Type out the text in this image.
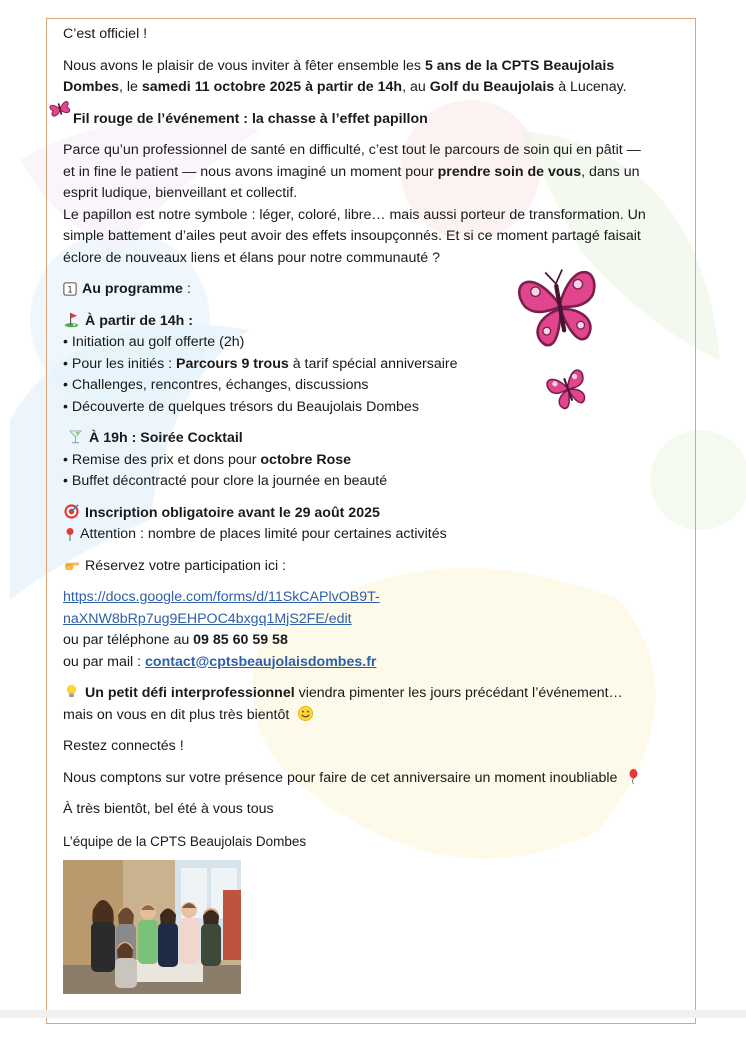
C’est officiel !

Nous avons le plaisir de vous inviter à fêter ensemble les 5 ans de la CPTS Beaujolais
Dombes, le samedi 11 octobre 2025 à partir de 14h, au Golf du Beaujolais à Lucenay.

Fil rouge de l’événement : la chasse à l’effet papillon

Parce qu’un professionnel de santé en difficulté, c’est tout le parcours de soin qui en pâtit —
et in fine le patient — nous avons imaginé un moment pour prendre soin de vous, dans un
esprit ludique, bienveillant et collectif.
Le papillon est notre symbole : léger, coloré, libre… mais aussi porteur de transformation. Un
simple battement d’ailes peut avoir des effets insoupçonnés. Et si ce moment partagé faisait
éclore de nouveaux liens et élans pour notre communauté ?

1 Au programme :

À partir de 14h :

• Initiation au golf offerte (2h)

• Pour les initiés : Parcours 9 trous à tarif spécial anniversaire

• Challenges, rencontres, échanges, discussions

• Découverte de quelques trésors du Beaujolais Dombes

À 19h : Soirée Cocktail

• Remise des prix et dons pour octobre Rose

• Buffet décontracté pour clore la journée en beauté

Inscription obligatoire avant le 29 août 2025

Attention : nombre de places limité pour certaines activités

Réservez votre participation ici :

https://docs.google.com/forms/d/11SkCAPlvOB9T-
naXNW8bRp7ug9EHPOC4bxgq1MjS2FE/edit

ou par téléphone au 09 85 60 59 58

ou par mail : contact@cptsbeaujolaisdombes.fr

Un petit défi interprofessionnel viendra pimenter les jours précédant l’événement…
mais on vous en dit plus très bientôt

Restez connectés !

Nous comptons sur votre présence pour faire de cet anniversaire un moment inoubliable

À très bientôt, bel été à vous tous

L’équipe de la CPTS Beaujolais Dombes
